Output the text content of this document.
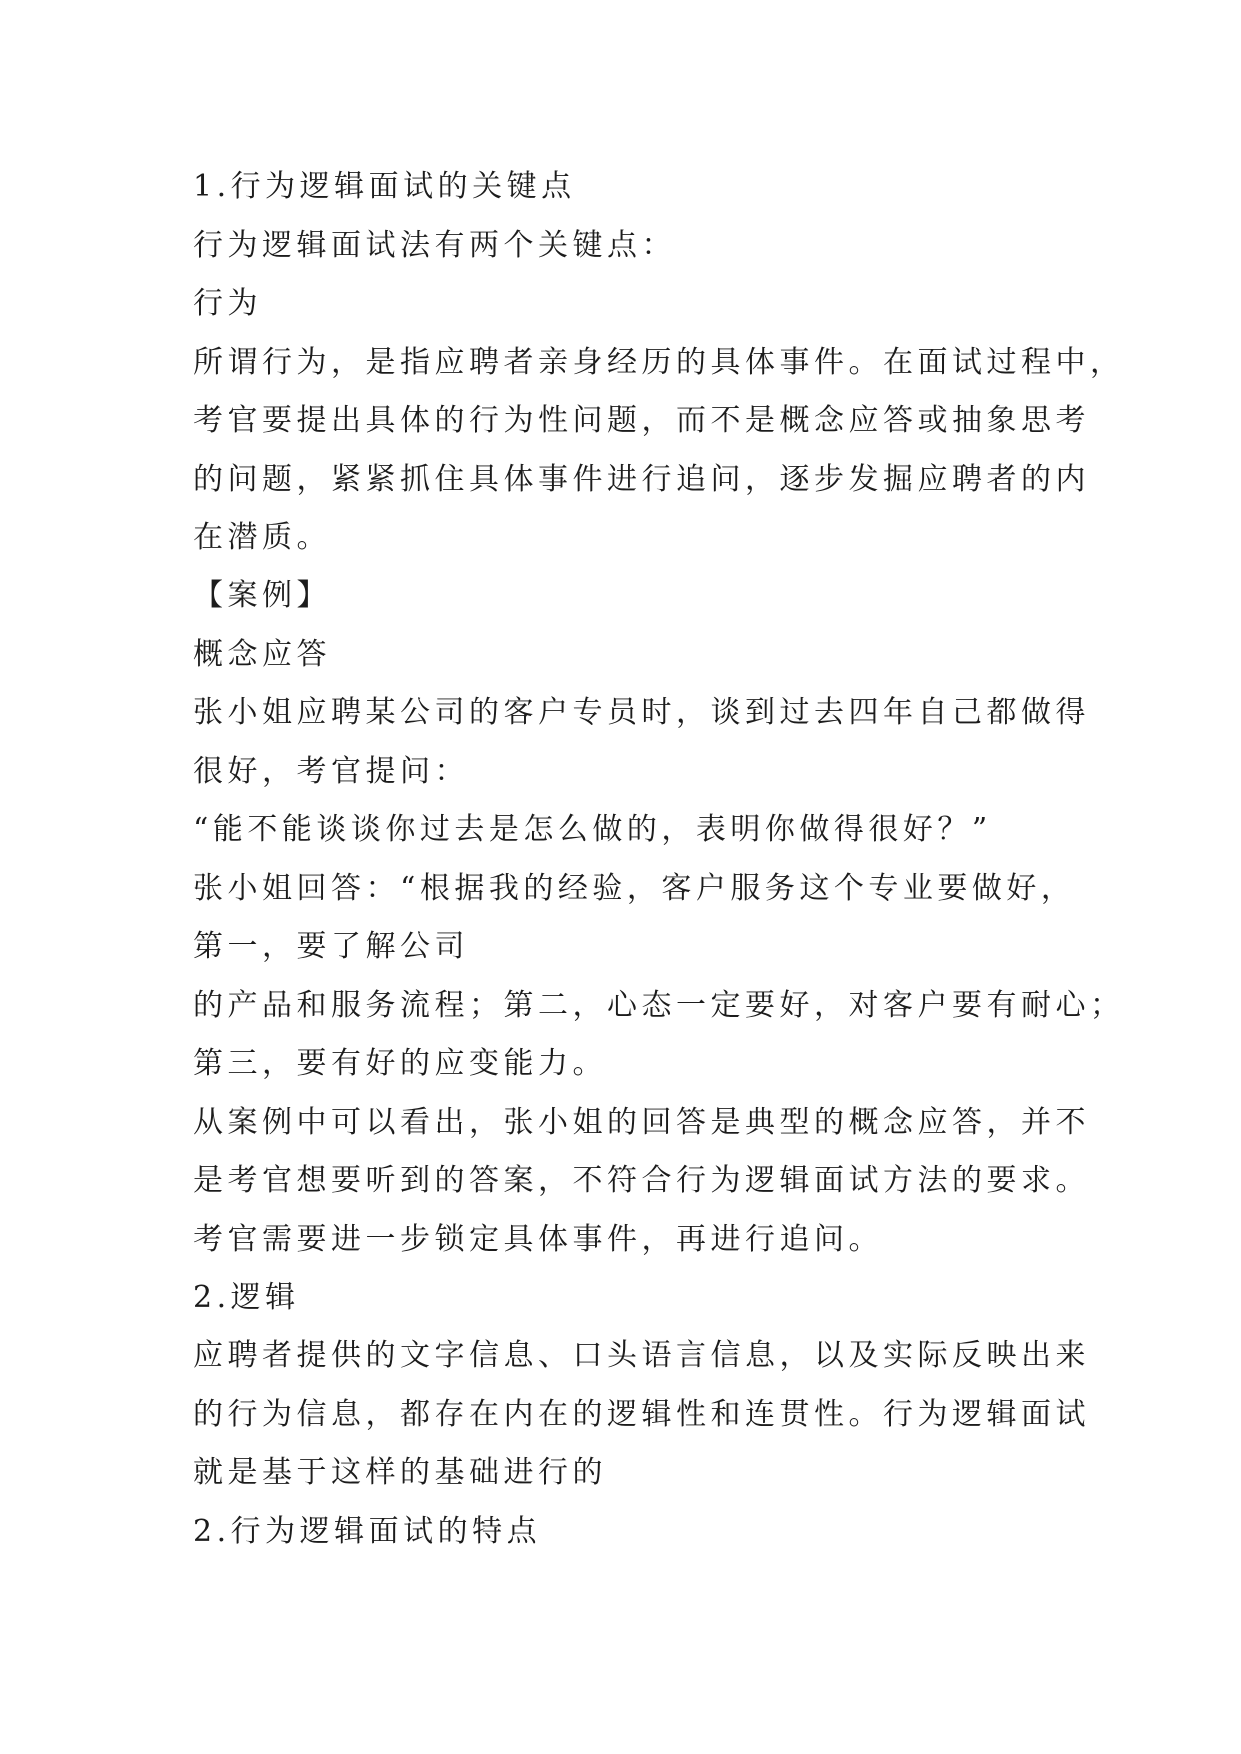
1.行为逻辑面试的关键点

行为逻辑面试法有两个关键点：

行为

所谓行为，是指应聘者亲身经历的具体事件。在面试过程中，

考官要提出具体的行为性问题，而不是概念应答或抽象思考

的问题，紧紧抓住具体事件进行追问，逐步发掘应聘者的内

在潜质。

【案例】

概念应答

张小姐应聘某公司的客户专员时，谈到过去四年自己都做得

很好，考官提问：

“能不能谈谈你过去是怎么做的，表明你做得很好？”

张小姐回答：“根据我的经验，客户服务这个专业要做好，

第一，要了解公司

的产品和服务流程；第二，心态一定要好，对客户要有耐心；

第三，要有好的应变能力。

从案例中可以看出，张小姐的回答是典型的概念应答，并不

是考官想要听到的答案，不符合行为逻辑面试方法的要求。

考官需要进一步锁定具体事件，再进行追问。

2.逻辑

应聘者提供的文字信息、口头语言信息，以及实际反映出来

的行为信息，都存在内在的逻辑性和连贯性。行为逻辑面试

就是基于这样的基础进行的

2.行为逻辑面试的特点
